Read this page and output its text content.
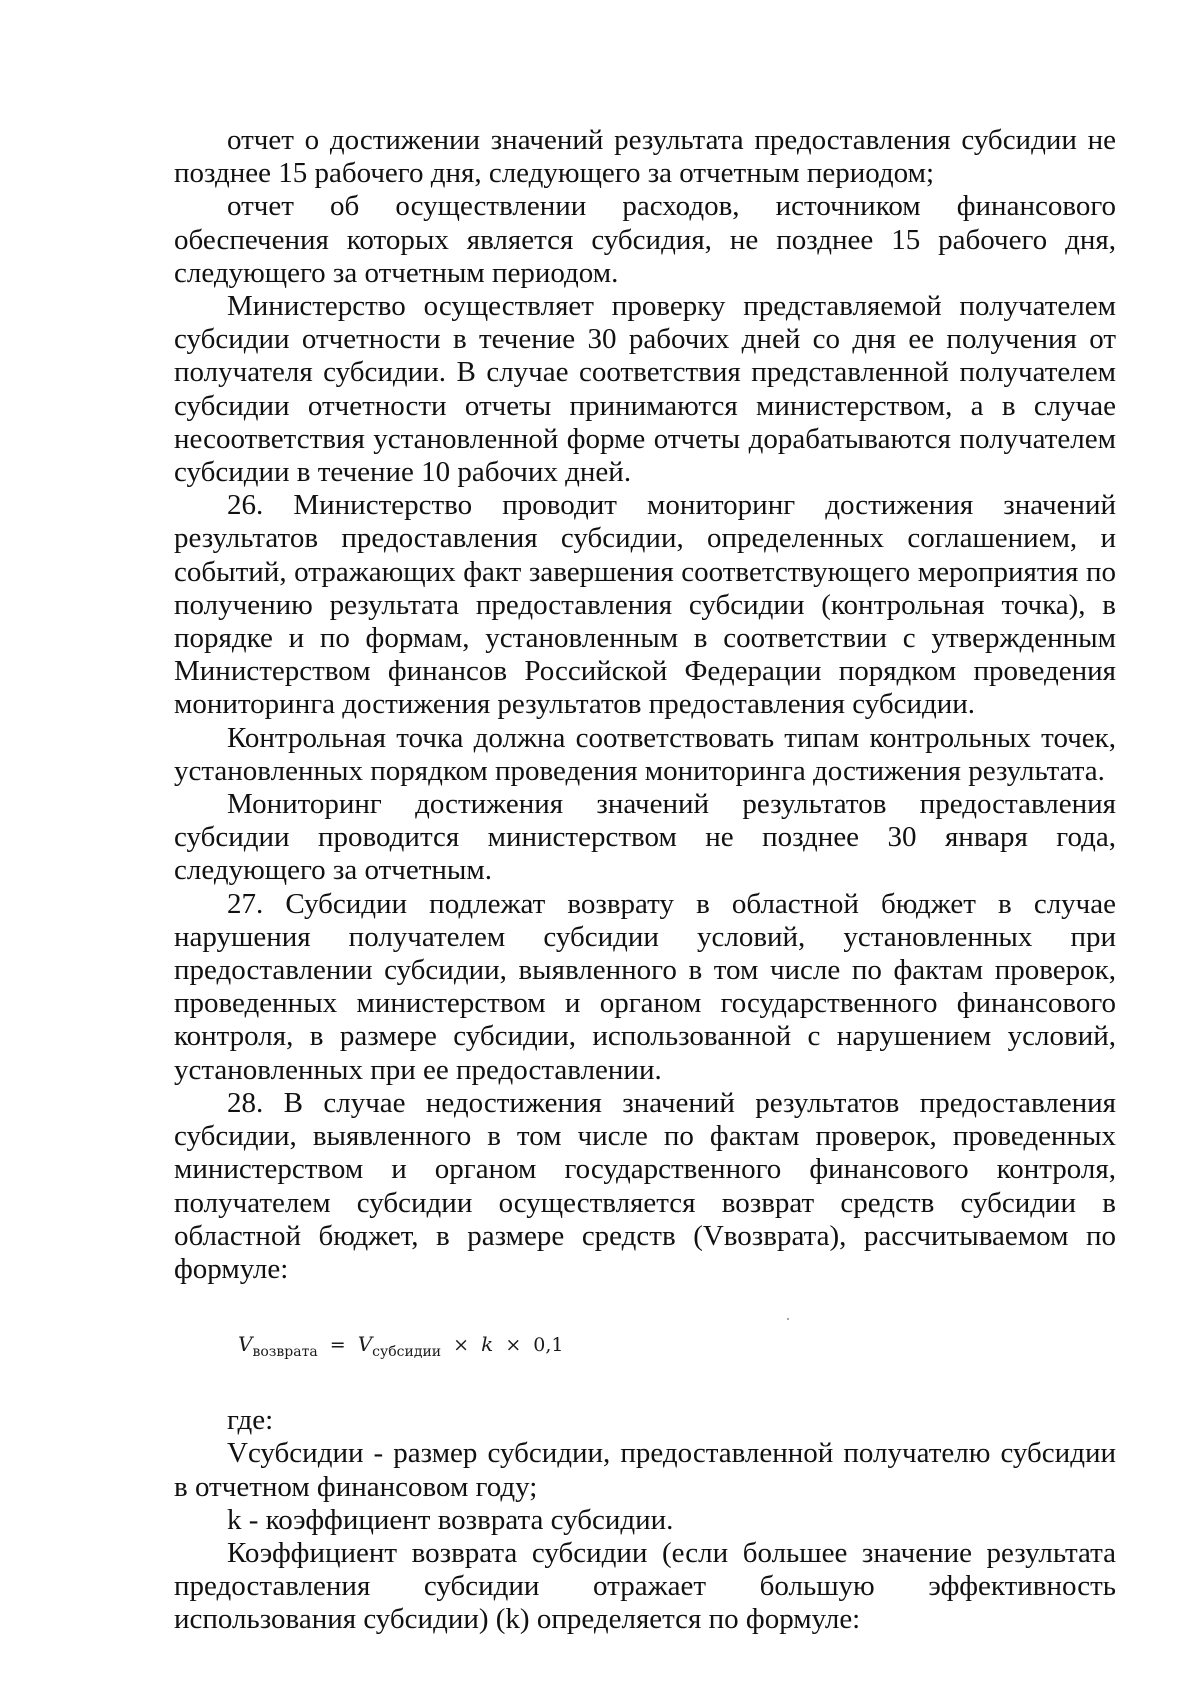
отчет о достижении значений результата предоставления субсидии не позднее 15 рабочего дня, следующего за отчетным периодом;

отчет об осуществлении расходов, источником финансового обеспечения которых является субсидия, не позднее 15 рабочего дня, следующего за отчетным периодом.

Министерство осуществляет проверку представляемой получателем субсидии отчетности в течение 30 рабочих дней со дня ее получения от получателя субсидии. В случае соответствия представленной получателем субсидии отчетности отчеты принимаются министерством, а в случае несоответствия установленной форме отчеты дорабатываются получателем субсидии в течение 10 рабочих дней.

26. Министерство проводит мониторинг достижения значений результатов предоставления субсидии, определенных соглашением, и событий, отражающих факт завершения соответствующего мероприятия по получению результата предоставления субсидии (контрольная точка), в порядке и по формам, установленным в соответствии с утвержденным Министерством финансов Российской Федерации порядком проведения мониторинга достижения результатов предоставления субсидии.

Контрольная точка должна соответствовать типам контрольных точек, установленных порядком проведения мониторинга достижения результата.

Мониторинг достижения значений результатов предоставления субсидии проводится министерством не позднее 30 января года, следующего за отчетным.

27. Субсидии подлежат возврату в областной бюджет в случае нарушения получателем субсидии условий, установленных при предоставлении субсидии, выявленного в том числе по фактам проверок, проведенных министерством и органом государственного финансового контроля, в размере субсидии, использованной с нарушением условий, установленных при ее предоставлении.

28. В случае недостижения значений результатов предоставления субсидии, выявленного в том числе по фактам проверок, проведенных министерством и органом государственного финансового контроля, получателем субсидии осуществляется возврат средств субсидии в областной бюджет, в размере средств (Vвозврата), рассчитываемом по формуле:

$V_{возврата} = V_{субсидии} \times k \times 0,1$

где:

Vсубсидии - размер субсидии, предоставленной получателю субсидии в отчетном финансовом году;

k - коэффициент возврата субсидии.

Коэффициент возврата субсидии (если большее значение результата предоставления субсидии отражает большую эффективность использования субсидии) (k) определяется по формуле:
